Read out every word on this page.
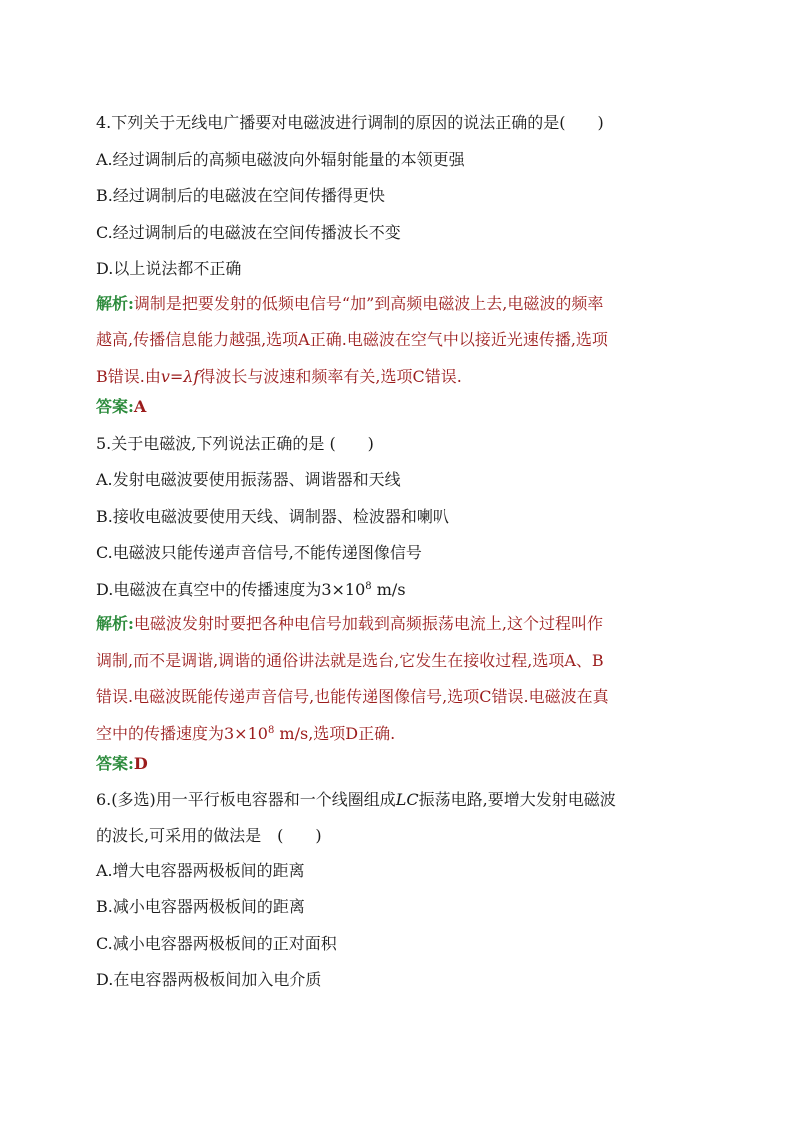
4.下列关于无线电广播要对电磁波进行调制的原因的说法正确的是(　　)
A.经过调制后的高频电磁波向外辐射能量的本领更强
B.经过调制后的电磁波在空间传播得更快
C.经过调制后的电磁波在空间传播波长不变
D.以上说法都不正确
解析:调制是把要发射的低频电信号“加”到高频电磁波上去,电磁波的频率
越高,传播信息能力越强,选项A正确.电磁波在空气中以接近光速传播,选项
B错误.由v=λf得波长与波速和频率有关,选项C错误.
答案:A
5.关于电磁波,下列说法正确的是 (　　)
A.发射电磁波要使用振荡器、调谐器和天线
B.接收电磁波要使用天线、调制器、检波器和喇叭
C.电磁波只能传递声音信号,不能传递图像信号
D.电磁波在真空中的传播速度为$3\times 10^8$ m/s
解析:电磁波发射时要把各种电信号加载到高频振荡电流上,这个过程叫作
调制,而不是调谐,调谐的通俗讲法就是选台,它发生在接收过程,选项A、B
错误.电磁波既能传递声音信号,也能传递图像信号,选项C错误.电磁波在真
空中的传播速度为$3\times 10^8$ m/s,选项D正确.
答案:D
6.(多选)用一平行板电容器和一个线圈组成LC振荡电路,要增大发射电磁波
的波长,可采用的做法是　(　　)
A.增大电容器两极板间的距离
B.减小电容器两极板间的距离
C.减小电容器两极板间的正对面积
D.在电容器两极板间加入电介质
